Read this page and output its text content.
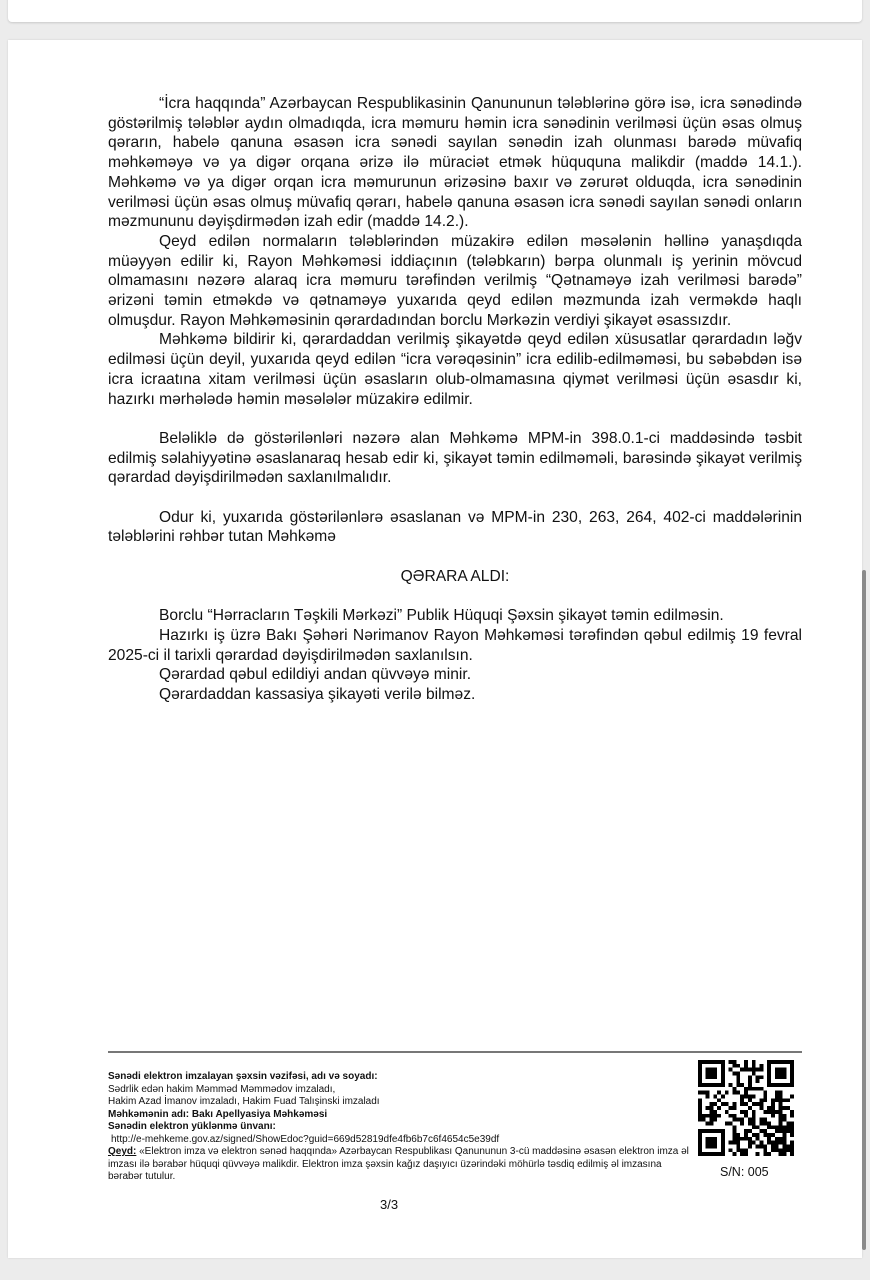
“İcra haqqında” Azərbaycan Respublikasinin Qanununun tələblərinə görə isə, icra sənədində göstərilmiş tələblər aydın olmadıqda, icra məmuru həmin icra sənədinin verilməsi üçün əsas olmuş qərarın, habelə qanuna əsasən icra sənədi sayılan sənədin izah olunması barədə müvafiq məhkəməyə və ya digər orqana ərizə ilə müraciət etmək hüququna malikdir (maddə 14.1.). Məhkəmə və ya digər orqan icra məmurunun ərizəsinə baxır və zərurət olduqda, icra sənədinin verilməsi üçün əsas olmuş müvafiq qərarı, habelə qanuna əsasən icra sənədi sayılan sənədi onların məzmununu dəyişdirmədən izah edir (maddə 14.2.).

Qeyd edilən normaların tələblərindən müzakirə edilən məsələnin həllinə yanaşdıqda müəyyən edilir ki, Rayon Məhkəməsi iddiaçının (tələbkarın) bərpa olunmalı iş yerinin mövcud olmamasını nəzərə alaraq icra məmuru tərəfindən verilmiş “Qətnaməyə izah verilməsi barədə” ərizəni təmin etməkdə və qətnaməyə yuxarıda qeyd edilən məzmunda izah verməkdə haqlı olmuşdur. Rayon Məhkəməsinin qərardadından borclu Mərkəzin verdiyi şikayət əsassızdır.

Məhkəmə bildirir ki, qərardaddan verilmiş şikayətdə qeyd edilən xüsusatlar qərardadın ləğv edilməsi üçün deyil, yuxarıda qeyd edilən “icra vərəqəsinin” icra edilib-edilməməsi, bu səbəbdən isə icra icraatına xitam verilməsi üçün əsasların olub-olmamasına qiymət verilməsi üçün əsasdır ki, hazırkı mərhələdə həmin məsələlər müzakirə edilmir.

Beləliklə də göstərilənləri nəzərə alan Məhkəmə MPM-in 398.0.1-ci maddəsində təsbit edilmiş səlahiyyətinə əsaslanaraq hesab edir ki, şikayət təmin edilməməli, barəsində şikayət verilmiş qərardad dəyişdirilmədən saxlanılmalıdır.

Odur ki, yuxarıda göstərilənlərə əsaslanan və MPM-in 230, 263, 264, 402-ci maddələrinin tələblərini rəhbər tutan Məhkəmə

QƏRARA ALDI:

Borclu “Hərracların Təşkili Mərkəzi” Publik Hüquqi Şəxsin şikayət təmin edilməsin.

Hazırkı iş üzrə Bakı Şəhəri Nərimanov Rayon Məhkəməsi tərəfindən qəbul edilmiş 19 fevral 2025-ci il tarixli qərardad dəyişdirilmədən saxlanılsın.

Qərardad qəbul edildiyi andan qüvvəyə minir.

Qərardaddan kassasiya şikayəti verilə bilməz.

Sənədi elektron imzalayan şəxsin vəzifəsi, adı və soyadı:
Sədrlik edən hakim Məmməd Məmmədov imzaladı,
Hakim Azad İmanov imzaladı, Hakim Fuad Talışinski imzaladı
Məhkəmənin adı: Bakı Apellyasiya Məhkəməsi
Sənədin elektron yüklənmə ünvanı:
http://e-mehkeme.gov.az/signed/ShowEdoc?guid=669d52819dfe4fb6b7c6f4654c5e39df
Qeyd: «Elektron imza və elektron sənəd haqqında» Azərbaycan Respublikası Qanununun 3-cü maddəsinə əsasən elektron imza əl imzası ilə bərabər hüquqi qüvvəyə malikdir. Elektron imza şəxsin kağız daşıyıcı üzərindəki möhürlə təsdiq edilmiş əl imzasına bərabər tutulur.	S/N: 005
3/3
